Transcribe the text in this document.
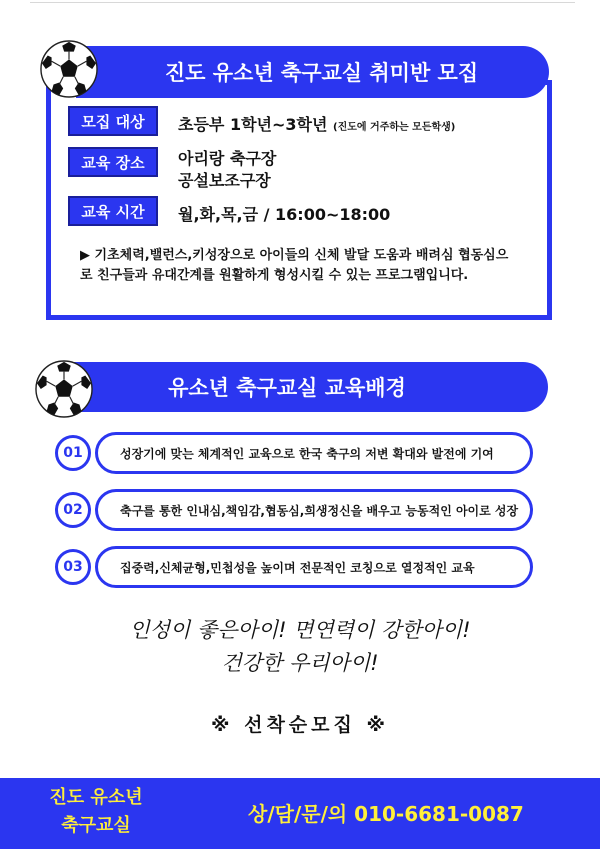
진도 유소년 축구교실 취미반 모집
모집 대상	초등부 1학년~3학년 (진도에 거주하는 모든학생)
교육 장소	아리랑 축구장
공설보조구장
교육 시간	월,화,목,금 / 16:00~18:00
▶ 기초체력,밸런스,키성장으로 아이들의 신체 발달 도움과 배려심 협동심으로 친구들과 유대간계를 원활하게 형성시킬 수 있는 프로그램입니다.
유소년 축구교실 교육배경
성장기에 맞는 체계적인 교육으로 한국 축구의 저변 확대와 발전에 기여
01
축구를 통한 인내심,책임감,협동심,희생정신을 배우고 능동적인 아이로 성장
02
집중력,신체균형,민첩성을 높이며 전문적인 코칭으로 열정적인 교육
03
인성이 좋은아이! 면연력이 강한아이!
건강한 우리아이!
※ 선착순모집 ※
진도 유소년
축구교실	상/담/문/의 010-6681-0087
